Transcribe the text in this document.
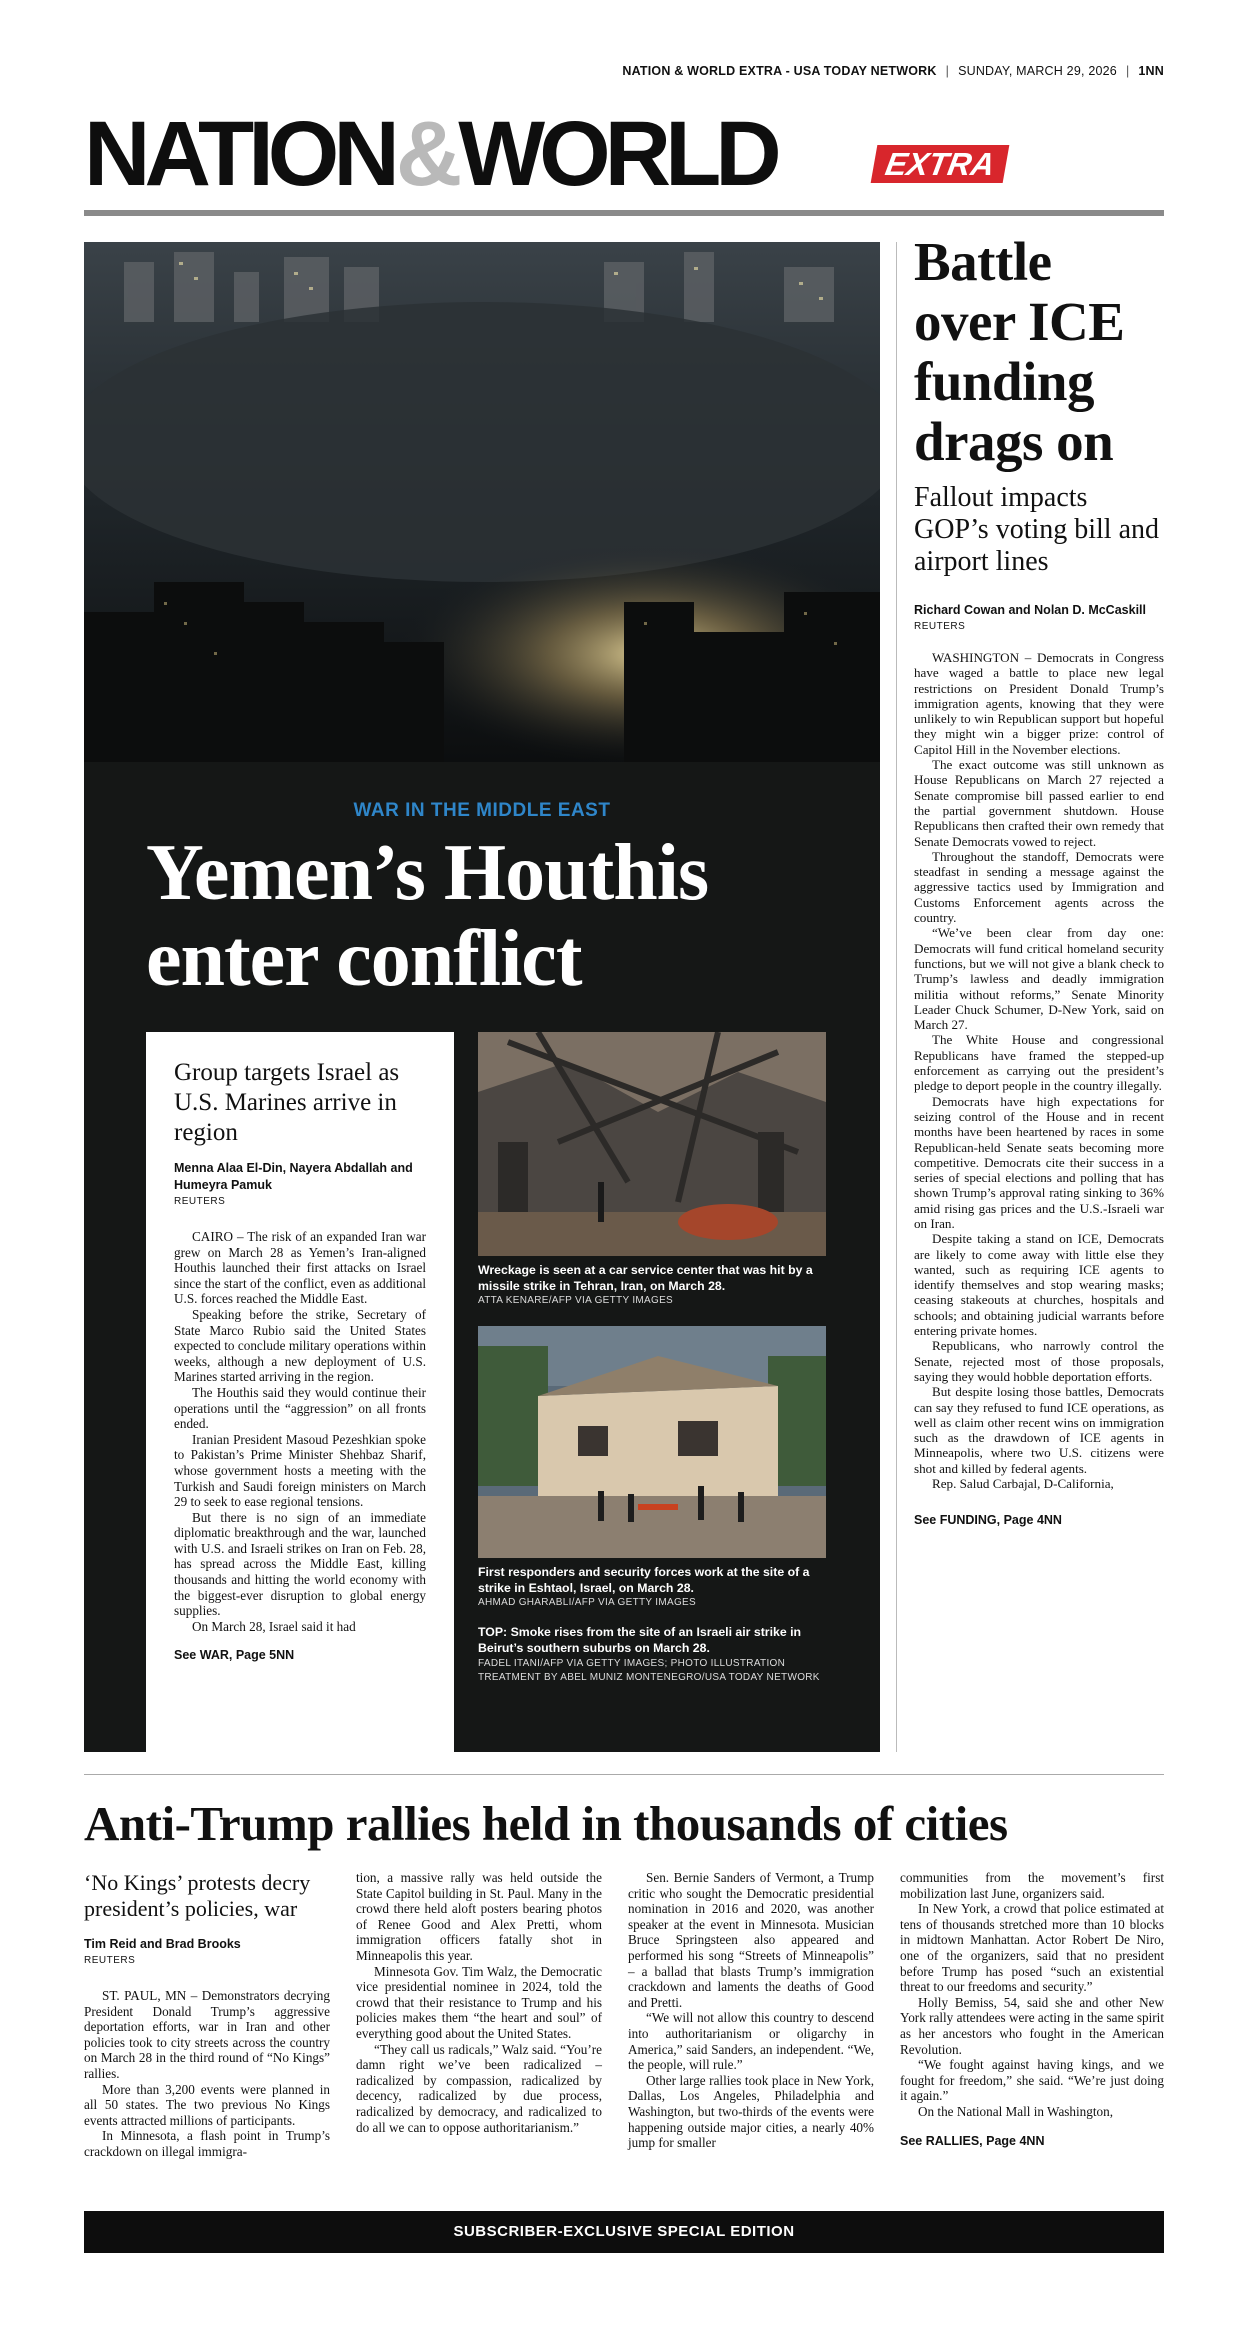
NATION & WORLD EXTRA - USA TODAY NETWORK | SUNDAY, MARCH 29, 2026 | 1NN
NATION&WORLD	EXTRA
WAR IN THE MIDDLE EAST
Yemen’s Houthis enter conflict
Group targets Israel as U.S. Marines arrive in region
Menna Alaa El-Din, Nayera Abdallah and Humeyra Pamuk
REUTERS

CAIRO – The risk of an expanded Iran war grew on March 28 as Yemen’s Iran-aligned Houthis launched their first attacks on Israel since the start of the conflict, even as additional U.S. forces reached the Middle East.

Speaking before the strike, Secretary of State Marco Rubio said the United States expected to conclude military operations within weeks, although a new deployment of U.S. Marines started arriving in the region.

The Houthis said they would continue their operations until the “aggression” on all fronts ended.

Iranian President Masoud Pezeshkian spoke to Pakistan’s Prime Minister Shehbaz Sharif, whose government hosts a meeting with the Turkish and Saudi foreign ministers on March 29 to seek to ease regional tensions.

But there is no sign of an immediate diplomatic breakthrough and the war, launched with U.S. and Israeli strikes on Iran on Feb. 28, has spread across the Middle East, killing thousands and hitting the world economy with the biggest-ever disruption to global energy supplies.

On March 28, Israel said it had

See WAR, Page 5NN
Wreckage is seen at a car service center that was hit by a missile strike in Tehran, Iran, on March 28.
ATTA KENARE/AFP VIA GETTY IMAGES
First responders and security forces work at the site of a strike in Eshtaol, Israel, on March 28.
AHMAD GHARABLI/AFP VIA GETTY IMAGES
TOP: Smoke rises from the site of an Israeli air strike in Beirut’s southern suburbs on March 28.
FADEL ITANI/AFP VIA GETTY IMAGES; PHOTO ILLUSTRATION TREATMENT BY ABEL MUNIZ MONTENEGRO/USA TODAY NETWORK
Battle over ICE funding drags on
Fallout impacts GOP’s voting bill and airport lines
Richard Cowan and Nolan D. McCaskill
REUTERS

WASHINGTON – Democrats in Congress have waged a battle to place new legal restrictions on President Donald Trump’s immigration agents, knowing that they were unlikely to win Republican support but hopeful they might win a bigger prize: control of Capitol Hill in the November elections.

The exact outcome was still unknown as House Republicans on March 27 rejected a Senate compromise bill passed earlier to end the partial government shutdown. House Republicans then crafted their own remedy that Senate Democrats vowed to reject.

Throughout the standoff, Democrats were steadfast in sending a message against the aggressive tactics used by Immigration and Customs Enforcement agents across the country.

“We’ve been clear from day one: Democrats will fund critical homeland security functions, but we will not give a blank check to Trump’s lawless and deadly immigration militia without reforms,” Senate Minority Leader Chuck Schumer, D-New York, said on March 27.

The White House and congressional Republicans have framed the stepped-up enforcement as carrying out the president’s pledge to deport people in the country illegally.

Democrats have high expectations for seizing control of the House and in recent months have been heartened by races in some Republican-held Senate seats becoming more competitive. Democrats cite their success in a series of special elections and polling that has shown Trump’s approval rating sinking to 36% amid rising gas prices and the U.S.-Israeli war on Iran.

Despite taking a stand on ICE, Democrats are likely to come away with little else they wanted, such as requiring ICE agents to identify themselves and stop wearing masks; ceasing stakeouts at churches, hospitals and schools; and obtaining judicial warrants before entering private homes.

Republicans, who narrowly control the Senate, rejected most of those proposals, saying they would hobble deportation efforts.

But despite losing those battles, Democrats can say they refused to fund ICE operations, as well as claim other recent wins on immigration such as the drawdown of ICE agents in Minneapolis, where two U.S. citizens were shot and killed by federal agents.

Rep. Salud Carbajal, D-California,

See FUNDING, Page 4NN
Anti-Trump rallies held in thousands of cities
‘No Kings’ protests decry president’s policies, war
Tim Reid and Brad Brooks
REUTERS

ST. PAUL, MN – Demonstrators decrying President Donald Trump’s aggressive deportation efforts, war in Iran and other policies took to city streets across the country on March 28 in the third round of “No Kings” rallies.

More than 3,200 events were planned in all 50 states. The two previous No Kings events attracted millions of participants.

In Minnesota, a flash point in Trump’s crackdown on illegal immigra-

tion, a massive rally was held outside the State Capitol building in St. Paul. Many in the crowd there held aloft posters bearing photos of Renee Good and Alex Pretti, whom immigration officers fatally shot in Minneapolis this year.

Minnesota Gov. Tim Walz, the Democratic vice presidential nominee in 2024, told the crowd that their resistance to Trump and his policies makes them “the heart and soul” of everything good about the United States.

“They call us radicals,” Walz said. “You’re damn right we’ve been radicalized – radicalized by compassion, radicalized by decency, radicalized by due process, radicalized by democracy, and radicalized to do all we can to oppose authoritarianism.”

Sen. Bernie Sanders of Vermont, a Trump critic who sought the Democratic presidential nomination in 2016 and 2020, was another speaker at the event in Minnesota. Musician Bruce Springsteen also appeared and performed his song “Streets of Minneapolis” – a ballad that blasts Trump’s immigration crackdown and laments the deaths of Good and Pretti.

“We will not allow this country to descend into authoritarianism or oligarchy in America,” said Sanders, an independent. “We, the people, will rule.”

Other large rallies took place in New York, Dallas, Los Angeles, Philadelphia and Washington, but two-thirds of the events were happening outside major cities, a nearly 40% jump for smaller

communities from the movement’s first mobilization last June, organizers said.

In New York, a crowd that police estimated at tens of thousands stretched more than 10 blocks in midtown Manhattan. Actor Robert De Niro, one of the organizers, said that no president before Trump has posed “such an existential threat to our freedoms and security.”

Holly Bemiss, 54, said she and other New York rally attendees were acting in the same spirit as her ancestors who fought in the American Revolution.

“We fought against having kings, and we fought for freedom,” she said. “We’re just doing it again.”

On the National Mall in Washington,

See RALLIES, Page 4NN
SUBSCRIBER-EXCLUSIVE SPECIAL EDITION
